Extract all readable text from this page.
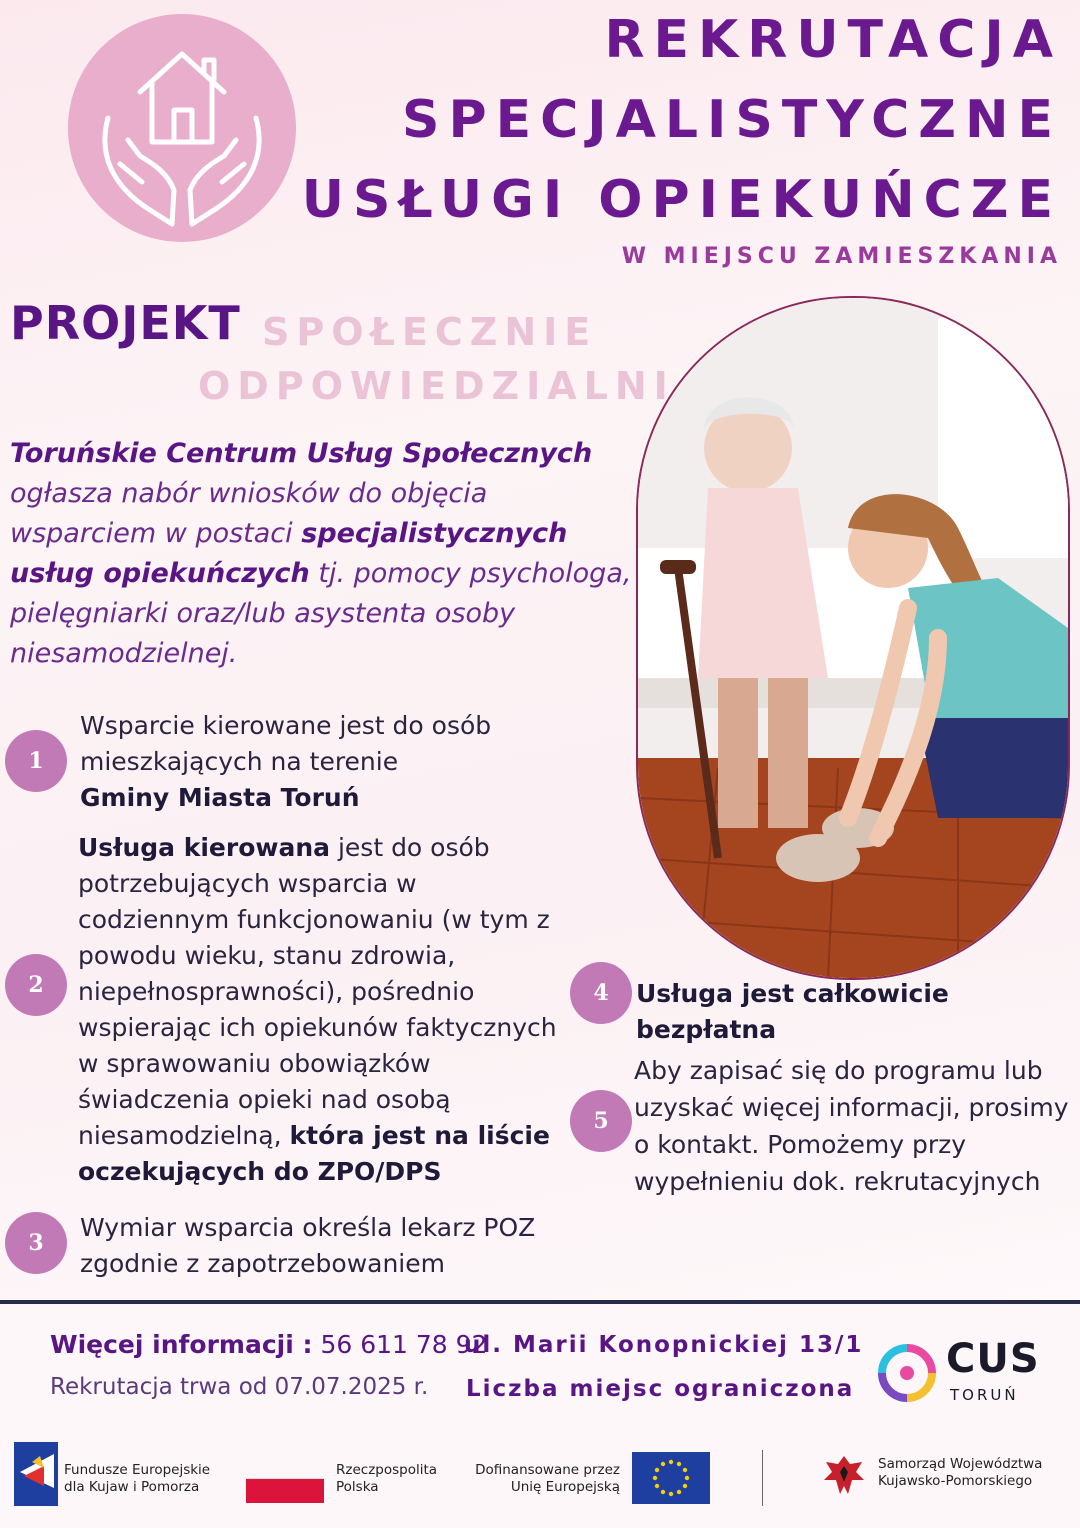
REKRUTACJA
SPECJALISTYCZNE
USŁUGI OPIEKUŃCZE
W MIEJSCU ZAMIESZKANIA
PROJEKT SPOŁECZNIE
ODPOWIEDZIALNI
Toruńskie Centrum Usług Społecznych ogłasza nabór wniosków do objęcia wsparciem w postaci specjalistycznych usług opiekuńczych tj. pomocy psychologa, pielęgniarki oraz/lub asystenta osoby niesamodzielnej.
1
Wsparcie kierowane jest do osób
mieszkających na terenie
Gminy Miasta Toruń
2
Usługa kierowana jest do osób potrzebujących wsparcia w codziennym funkcjonowaniu (w tym z powodu wieku, stanu zdrowia, niepełnosprawności), pośrednio wspierając ich opiekunów faktycznych w sprawowaniu obowiązków świadczenia opieki nad osobą niesamodzielną, która jest na liście oczekujących do ZPO/DPS
3
Wymiar wsparcia określa lekarz POZ
zgodnie z zapotrzebowaniem
4	Usługa jest całkowicie bezpłatna
5
Aby zapisać się do programu lub uzyskać więcej informacji, prosimy o kontakt. Pomożemy przy wypełnieniu dok. rekrutacyjnych
Więcej informacji : 56 611 78 92
Rekrutacja trwa od 07.07.2025 r.
ul. Marii Konopnickiej 13/1
Liczba miejsc ograniczona
CUS
TORUŃ
Fundusze Europejskie
dla Kujaw i Pomorza
Rzeczpospolita
Polska
Dofinansowane przez
Unię Europejską
Samorząd Województwa
Kujawsko-Pomorskiego
